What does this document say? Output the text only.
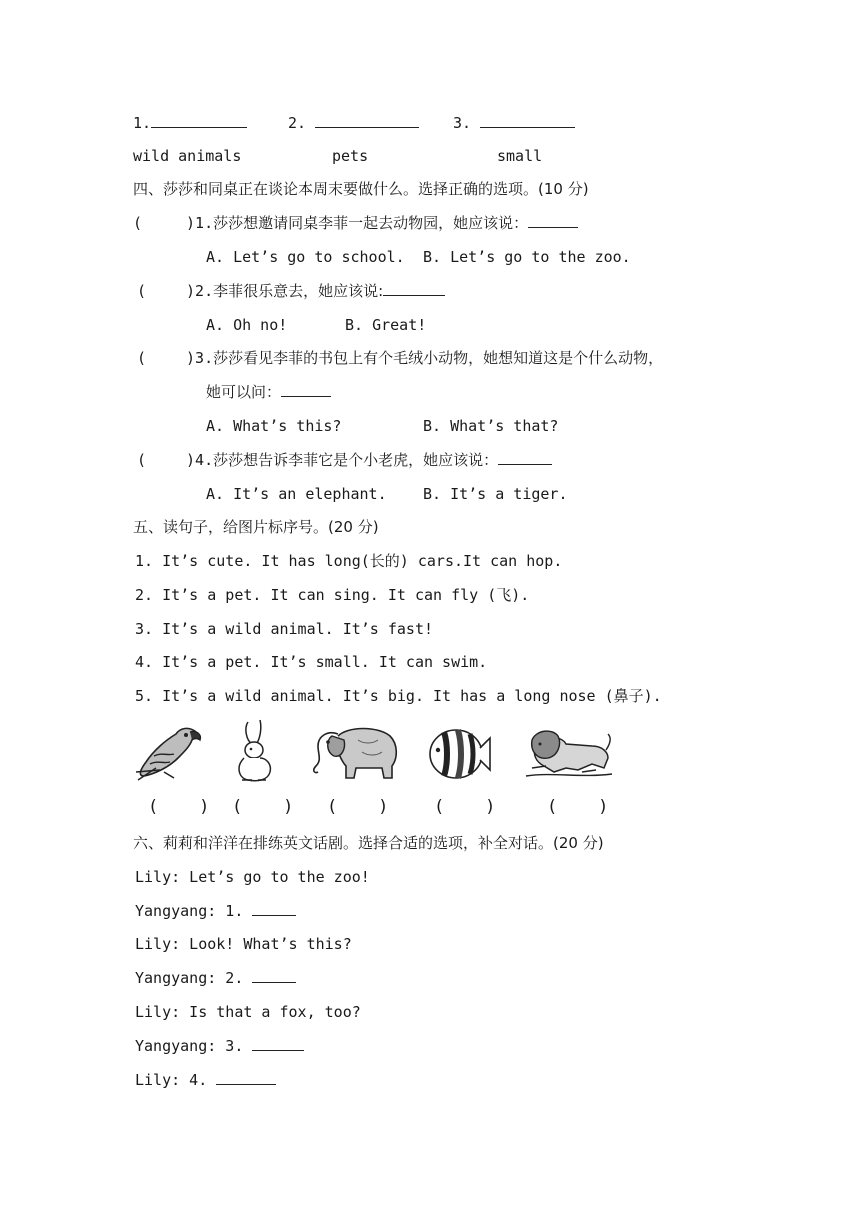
1.	2.	3.
wild animals	pets	small
四、莎莎和同桌正在谈论本周末要做什么。选择正确的选项。(10 分)
(	)1.莎莎想邀请同桌李菲一起去动物园，她应该说：
A. Let’s go to school. B. Let’s go to the zoo.
(	)2.李菲很乐意去，她应该说:
A. Oh no!	B. Great!
(	)3.莎莎看见李菲的书包上有个毛绒小动物，她想知道这是个什么动物，
她可以问：
A. What’s this?	B. What’s that?
(	)4.莎莎想告诉李菲它是个小老虎，她应该说：
A. It’s an elephant. B. It’s a tiger.
五、读句子，给图片标序号。(20 分)
1. It’s cute. It has long(长的) cars.It can hop.
2. It’s a pet. It can sing. It can fly (飞).
3. It’s a wild animal. It’s fast!
4. It’s a pet. It’s small. It can swim.
5. It’s a wild animal. It’s big. It has a long nose (鼻子).
(    ) (    ) (    )	(    )	(    )
六、莉莉和洋洋在排练英文话剧。选择合适的选项，补全对话。(20 分)
Lily: Let’s go to the zoo!
Yangyang: 1.
Lily: Look! What’s this?
Yangyang: 2.
Lily: Is that a fox, too?
Yangyang: 3.
Lily: 4.
